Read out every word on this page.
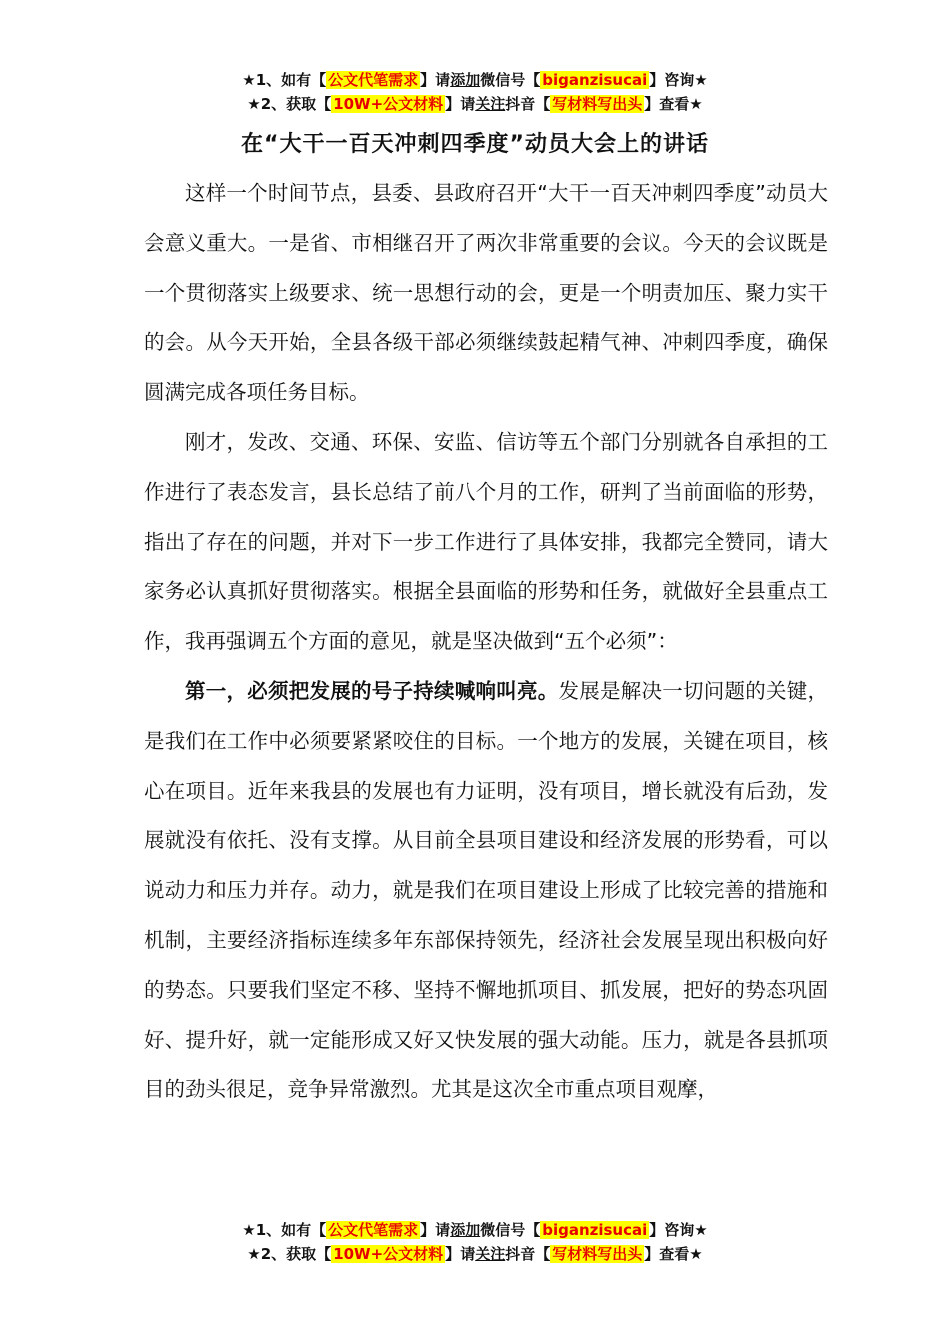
★1、如有【 公文代笔需求 】请添加微信号【 biganzisucai 】咨询★
★2、获取【 10W+公文材料 】请关注抖音【 写材料写出头 】查看★
在“大干一百天冲刺四季度”动员大会上的讲话

这样一个时间节点，县委、县政府召开“大干一百天冲刺四季度”动员大会意义重大。一是省、市相继召开了两次非常重要的会议。今天的会议既是一个贯彻落实上级要求、统一思想行动的会，更是一个明责加压、聚力实干的会。从今天开始，全县各级干部必须继续鼓起精气神、冲刺四季度，确保圆满完成各项任务目标。

刚才，发改、交通、环保、安监、信访等五个部门分别就各自承担的工作进行了表态发言，县长总结了前八个月的工作，研判了当前面临的形势，指出了存在的问题，并对下一步工作进行了具体安排，我都完全赞同，请大家务必认真抓好贯彻落实。根据全县面临的形势和任务，就做好全县重点工作，我再强调五个方面的意见，就是坚决做到“五个必须”：

第一，必须把发展的号子持续喊响叫亮。发展是解决一切问题的关键，是我们在工作中必须要紧紧咬住的目标。一个地方的发展，关键在项目，核心在项目。近年来我县的发展也有力证明，没有项目，增长就没有后劲，发展就没有依托、没有支撑。从目前全县项目建设和经济发展的形势看，可以说动力和压力并存。动力，就是我们在项目建设上形成了比较完善的措施和机制，主要经济指标连续多年东部保持领先，经济社会发展呈现出积极向好的势态。只要我们坚定不移、坚持不懈地抓项目、抓发展，把好的势态巩固好、提升好，就一定能形成又好又快发展的强大动能。压力，就是各县抓项目的劲头很足，竞争异常激烈。尤其是这次全市重点项目观摩，

★1、如有【 公文代笔需求 】请添加微信号【 biganzisucai 】咨询★
★2、获取【 10W+公文材料 】请关注抖音【 写材料写出头 】查看★
